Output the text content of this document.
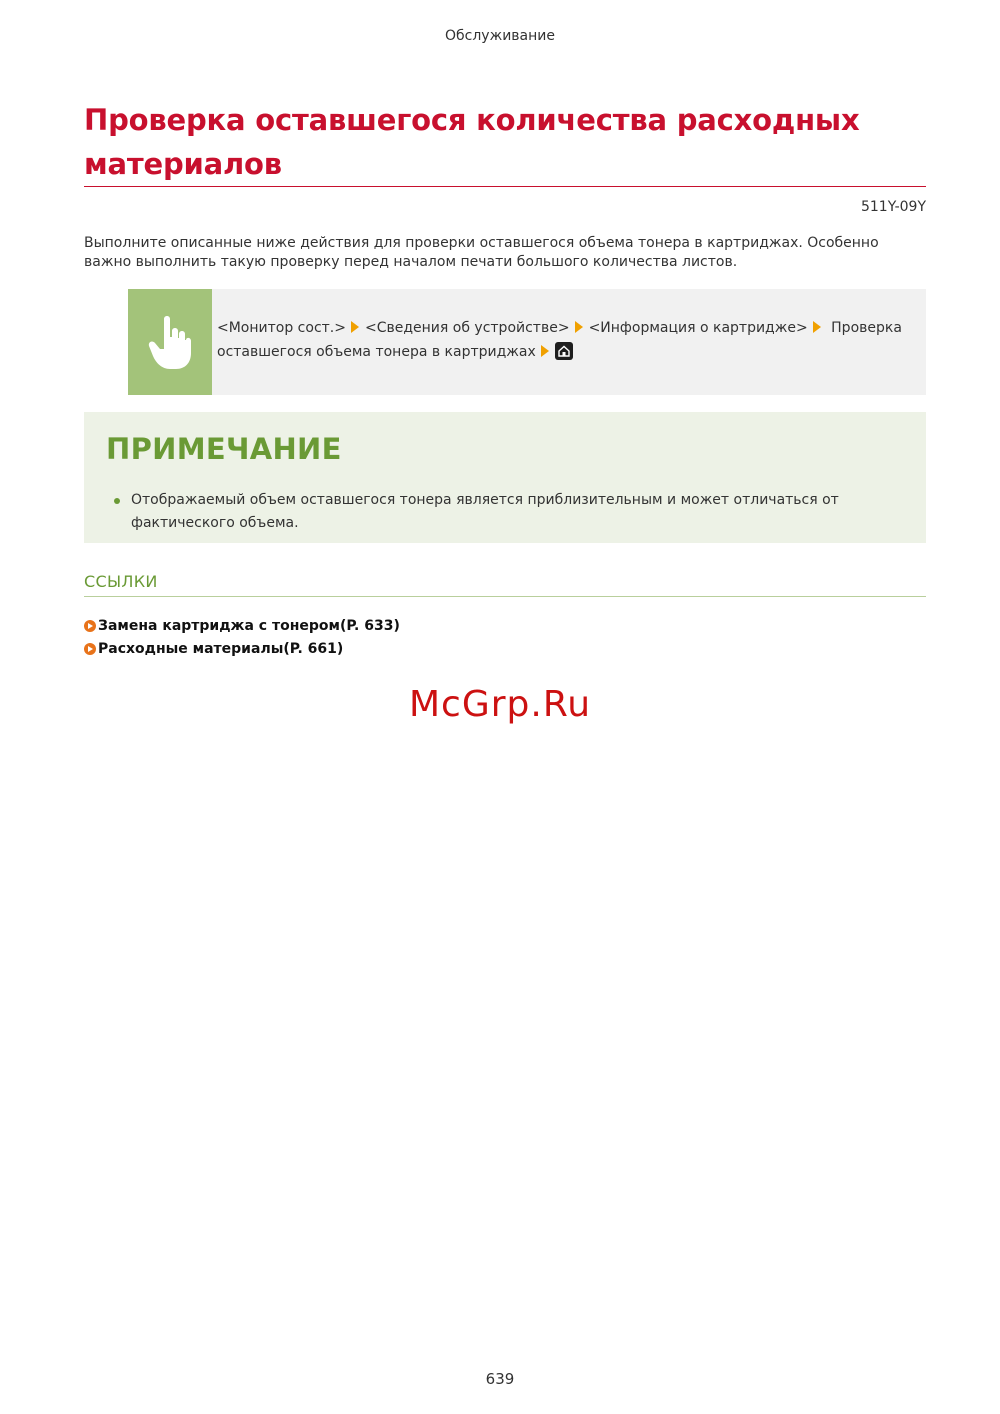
Обслуживание
Проверка оставшегося количества расходных материалов
511Y-09Y

Выполните описанные ниже действия для проверки оставшегося объема тонера в картриджах. Особенно важно выполнить такую проверку перед началом печати большого количества листов.

<Монитор сост.> <Сведения об устройстве> <Информация о картридже> Проверка оставшегося объема тонера в картриджах
ПРИМЕЧАНИЕ

Отображаемый объем оставшегося тонера является приблизительным и может отличаться от фактического объема.

ССЫЛКИ
Замена картриджа с тонером(P. 633)
Расходные материалы(P. 661)
McGrp.Ru
639
